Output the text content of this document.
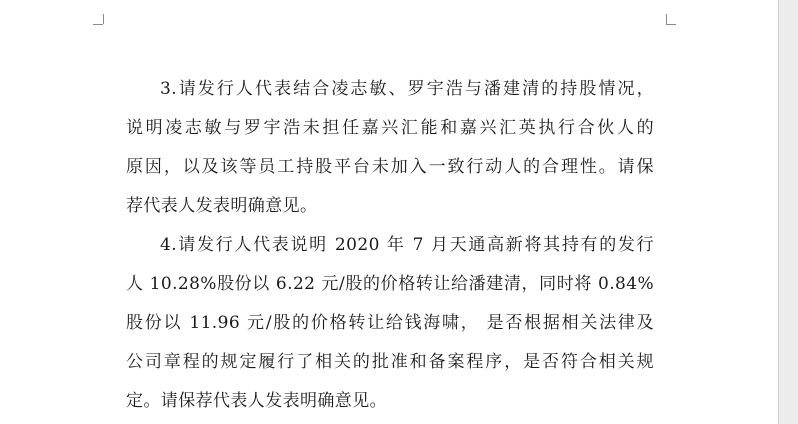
3.请发行人代表结合凌志敏、罗宇浩与潘建清的持股情况，
说明凌志敏与罗宇浩未担任嘉兴汇能和嘉兴汇英执行合伙人的
原因，以及该等员工持股平台未加入一致行动人的合理性。请保
荐代表人发表明确意见。
4.请发行人代表说明 2020 年 7 月天通高新将其持有的发行
人 10.28%股份以 6.22 元/股的价格转让给潘建清，同时将 0.84%
股份以 11.96 元/股的价格转让给钱海啸， 是否根据相关法律及
公司章程的规定履行了相关的批准和备案程序，是否符合相关规
定。请保荐代表人发表明确意见。
